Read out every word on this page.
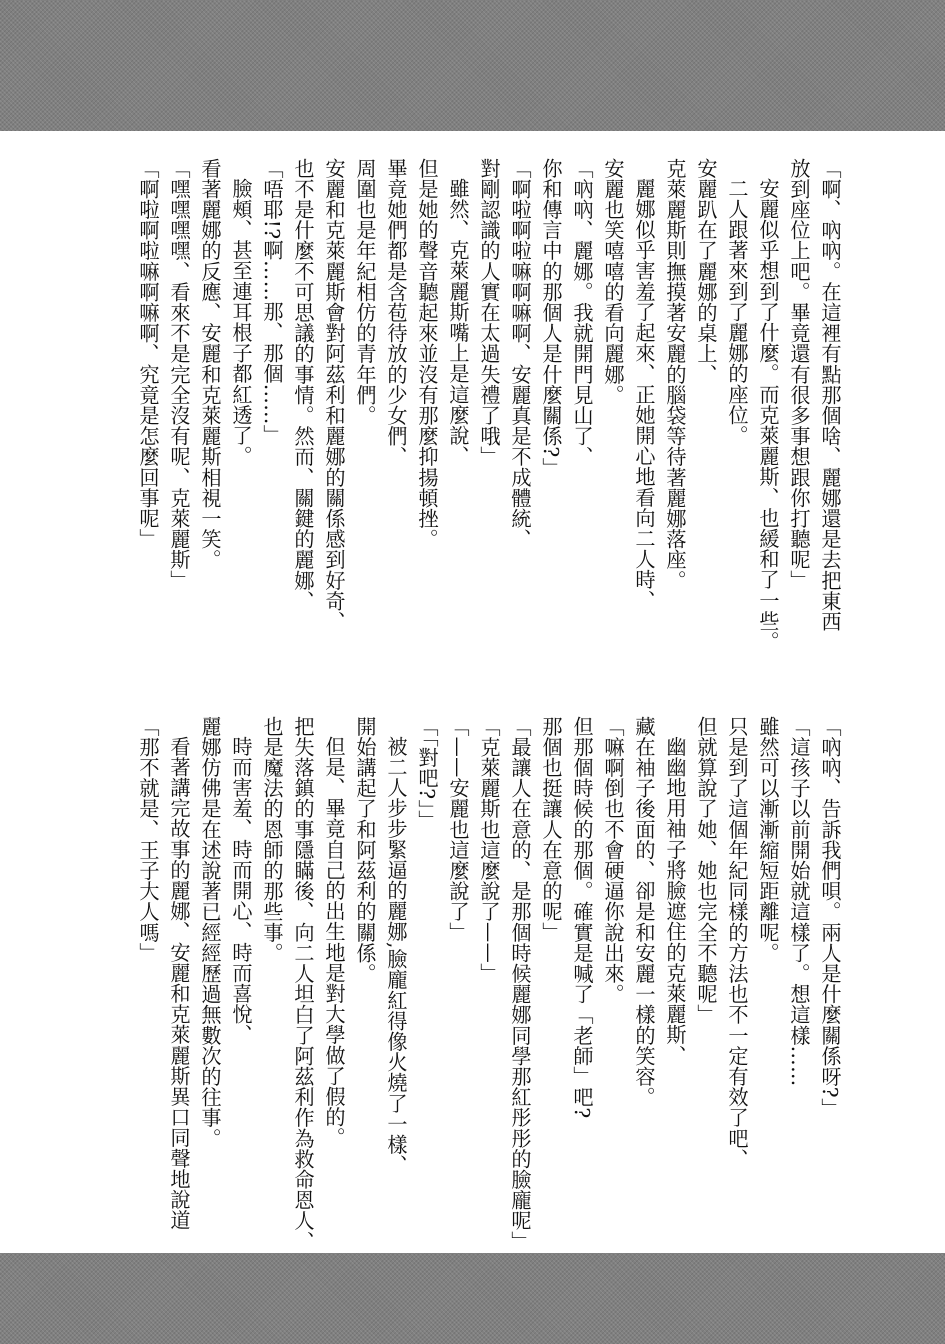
「啊、吶吶。在這裡有點那個啥、麗娜還是去把東西
放到座位上吧。畢竟還有很多事想跟你打聽呢」
安麗似乎想到了什麼。而克萊麗斯、也緩和了一些。
二人跟著來到了麗娜的座位。
安麗趴在了麗娜的桌上、
克萊麗斯則撫摸著安麗的腦袋等待著麗娜落座。
麗娜似乎害羞了起來、正她開心地看向二人時、
安麗也笑嘻嘻的看向麗娜。
「吶吶、麗娜。我就開門見山了、
你和傳言中的那個人是什麼關係?」
「啊啦啊啦嘛啊嘛啊、安麗真是不成體統、
對剛認識的人實在太過失禮了哦」
雖然、克萊麗斯嘴上是這麼說、
但是她的聲音聽起來並沒有那麼抑揚頓挫。
畢竟她們都是含苞待放的少女們、
周圍也是年紀相仿的青年們。
安麗和克萊麗斯會對阿茲利和麗娜的關係感到好奇、
也不是什麼不可思議的事情。然而、關鍵的麗娜、
「唔耶!?啊……那、那個……」
臉頰、甚至連耳根子都紅透了。
看著麗娜的反應、安麗和克萊麗斯相視一笑。
「嘿嘿嘿嘿、看來不是完全沒有呢、克萊麗斯」
「啊啦啊啦嘛啊嘛啊、究竟是怎麼回事呢」
「吶吶、告訴我們唄。兩人是什麼關係呀?」
「這孩子以前開始就這樣了。想這樣……
雖然可以漸漸縮短距離呢。
只是到了這個年紀同樣的方法也不一定有效了吧、
但就算說了她、她也完全不聽呢」
幽幽地用袖子將臉遮住的克萊麗斯、
藏在袖子後面的、卻是和安麗一樣的笑容。
「嘛啊倒也不會硬逼你說出來。
但那個時候的那個。確實是喊了「老師」吧?
那個也挺讓人在意的呢」
「最讓人在意的、是那個時候麗娜同學那紅彤彤的臉龐呢」
「克萊麗斯也這麼說了——」
「——安麗也這麼說了」
「「對吧?」」
被二人步步緊逼的麗娜,臉龐紅得像火燒了一樣、
開始講起了和阿茲利的關係。
但是、畢竟自己的出生地是對大學做了假的。
把失落鎮的事隱瞞後、向二人坦白了阿茲利作為救命恩人、
也是魔法的恩師的那些事。
時而害羞、時而開心、時而喜悅、
麗娜仿佛是在述說著已經經歷過無數次的往事。
看著講完故事的麗娜、安麗和克萊麗斯異口同聲地說道
「那不就是、王子大人嗎」
